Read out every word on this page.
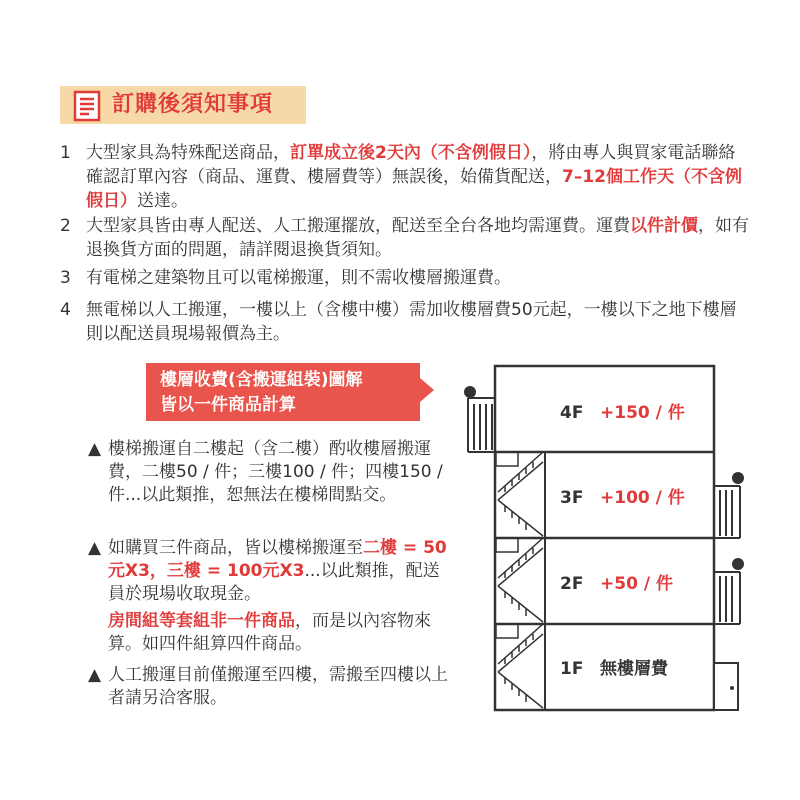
訂購後須知事項
1 大型家具為特殊配送商品，訂單成立後2天內（不含例假日），將由專人與買家電話聯絡確認訂單內容（商品、運費、樓層費等）無誤後，始備貨配送，7–12個工作天（不含例假日）送達。
2 大型家具皆由專人配送、人工搬運擺放，配送至全台各地均需運費。運費以件計價，如有退換貨方面的問題，請詳閱退換貨須知。
3 有電梯之建築物且可以電梯搬運，則不需收樓層搬運費。
4 無電梯以人工搬運，一樓以上（含樓中樓）需加收樓層費50元起，一樓以下之地下樓層則以配送員現場報價為主。
樓層收費(含搬運組裝)圖解
皆以一件商品計算
▲ 樓梯搬運自二樓起（含二樓）酌收樓層搬運費，二樓50 / 件；三樓100 / 件；四樓150 / 件...以此類推，恕無法在樓梯間點交。
▲ 如購買三件商品，皆以樓梯搬運至二樓 = 50元X3，三樓 = 100元X3...以此類推，配送員於現場收取現金。
房間組等套組非一件商品，而是以內容物來算。如四件組算四件商品。
▲ 人工搬運目前僅搬運至四樓，需搬至四樓以上者請另洽客服。
4F +150 / 件
3F +100 / 件
2F +50 / 件
1F 無樓層費
